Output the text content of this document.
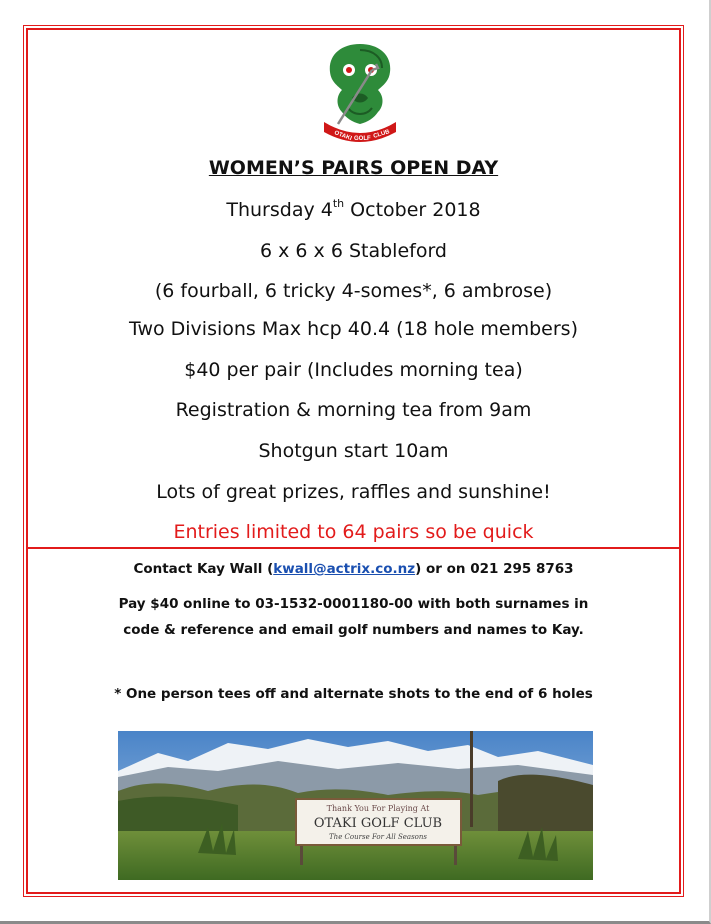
OTAKI GOLF CLUB
WOMEN’S PAIRS OPEN DAY
Thursday 4th October 2018
6 x 6 x 6 Stableford
(6 fourball, 6 tricky 4-somes*, 6 ambrose)
Two Divisions Max hcp 40.4 (18 hole members)
$40 per pair (Includes morning tea)
Registration & morning tea from 9am
Shotgun start 10am
Lots of great prizes, raffles and sunshine!
Entries limited to 64 pairs so be quick
Contact Kay Wall (kwall@actrix.co.nz) or on 021 295 8763
Pay $40 online to 03-1532-0001180-00 with both surnames in
code & reference and email golf numbers and names to Kay.
* One person tees off and alternate shots to the end of 6 holes
Thank You For Playing At
OTAKI GOLF CLUB
The Course For All Seasons
